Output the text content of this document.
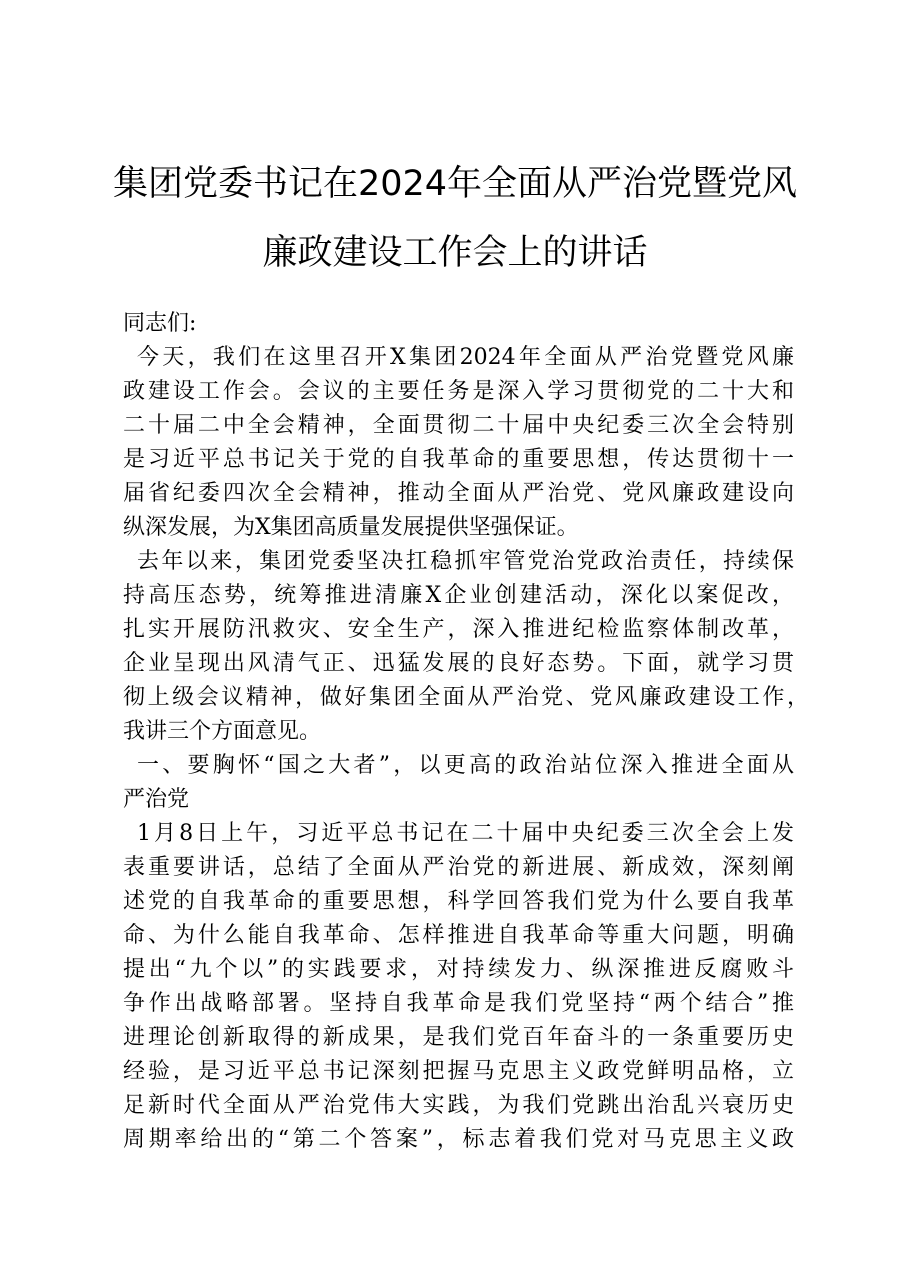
集团党委书记在2024年全面从严治党暨党风
廉政建设工作会上的讲话
同志们:
今天，我们在这里召开X集团2024年全面从严治党暨党风廉
政建设工作会。会议的主要任务是深入学习贯彻党的二十大和
二十届二中全会精神，全面贯彻二十届中央纪委三次全会特别
是习近平总书记关于党的自我革命的重要思想，传达贯彻十一
届省纪委四次全会精神，推动全面从严治党、党风廉政建设向
纵深发展，为X集团高质量发展提供坚强保证。
去年以来，集团党委坚决扛稳抓牢管党治党政治责任，持续保
持高压态势，统筹推进清廉X企业创建活动，深化以案促改，
扎实开展防汛救灾、安全生产，深入推进纪检监察体制改革，
企业呈现出风清气正、迅猛发展的良好态势。下面，就学习贯
彻上级会议精神，做好集团全面从严治党、党风廉政建设工作，
我讲三个方面意见。
一、要胸怀“国之大者”，以更高的政治站位深入推进全面从
严治党
1月8日上午，习近平总书记在二十届中央纪委三次全会上发
表重要讲话，总结了全面从严治党的新进展、新成效，深刻阐
述党的自我革命的重要思想，科学回答我们党为什么要自我革
命、为什么能自我革命、怎样推进自我革命等重大问题，明确
提出“九个以”的实践要求，对持续发力、纵深推进反腐败斗
争作出战略部署。坚持自我革命是我们党坚持“两个结合”推
进理论创新取得的新成果，是我们党百年奋斗的一条重要历史
经验，是习近平总书记深刻把握马克思主义政党鲜明品格，立
足新时代全面从严治党伟大实践，为我们党跳出治乱兴衰历史
周期率给出的“第二个答案”，标志着我们党对马克思主义政
